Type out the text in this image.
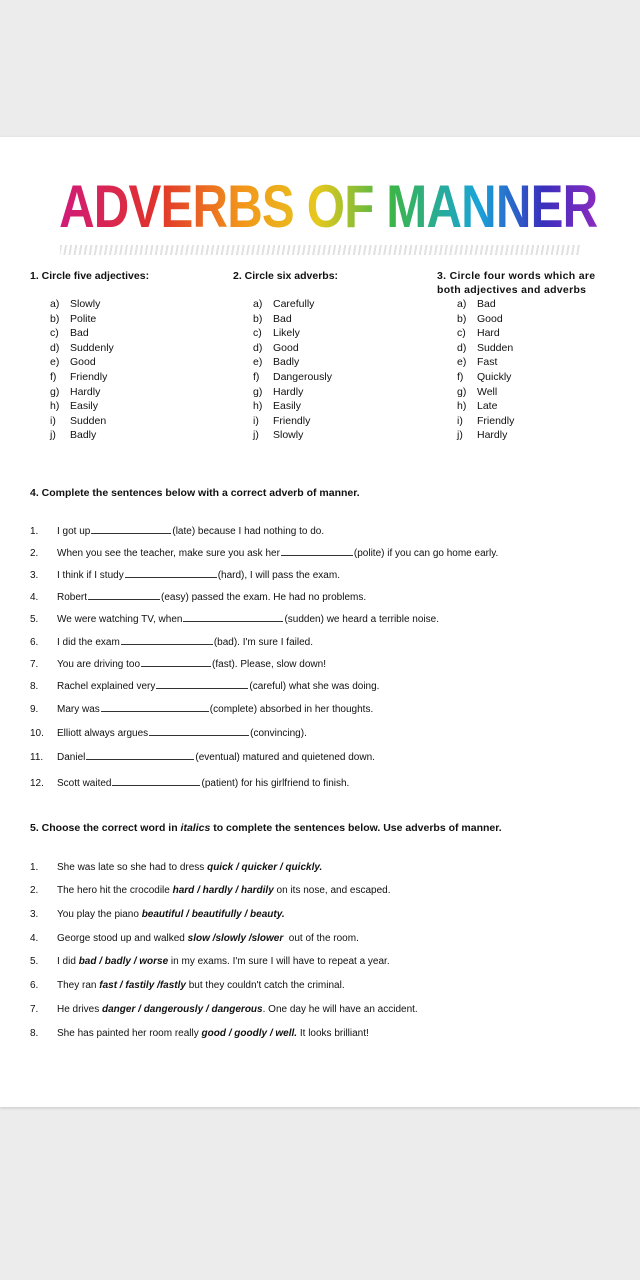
ADVERBS OF MANNER
1. Circle five adjectives:
a) Slowly
b) Polite
c) Bad
d) Suddenly
e) Good
f) Friendly
g) Hardly
h) Easily
i) Sudden
j) Badly
2. Circle six adverbs:
a) Carefully
b) Bad
c) Likely
d) Good
e) Badly
f) Dangerously
g) Hardly
h) Easily
i) Friendly
j) Slowly
3. Circle four words which are
both adjectives and adverbs
a) Bad
b) Good
c) Hard
d) Sudden
e) Fast
f) Quickly
g) Well
h) Late
i) Friendly
j) Hardly
4. Complete the sentences below with a correct adverb of manner.
1. I got up	(late) because I had nothing to do.
2. When you see the teacher, make sure you ask her	(polite) if you can go home early.
3. I think if I study	(hard), I will pass the exam.
4. Robert	(easy) passed the exam. He had no problems.
5. We were watching TV, when	(sudden) we heard a terrible noise.
6. I did the exam	(bad). I'm sure I failed.
7. You are driving too	(fast). Please, slow down!
8. Rachel explained very	(careful) what she was doing.
9. Mary was	(complete) absorbed in her thoughts.
10. Elliott always argues	(convincing).
11. Daniel	(eventual) matured and quietened down.
12. Scott waited	(patient) for his girlfriend to finish.
5. Choose the correct word in italics to complete the sentences below. Use adverbs of manner.
1. She was late so she had to dress quick / quicker / quickly.
2. The hero hit the crocodile hard / hardly / hardily on its nose, and escaped.
3. You play the piano beautiful / beautifully / beauty.
4. George stood up and walked slow /slowly /slower  out of the room.
5. I did bad / badly / worse in my exams. I'm sure I will have to repeat a year.
6. They ran fast / fastily /fastly but they couldn't catch the criminal.
7. He drives danger / dangerously / dangerous. One day he will have an accident.
8. She has painted her room really good / goodly / well. It looks brilliant!
